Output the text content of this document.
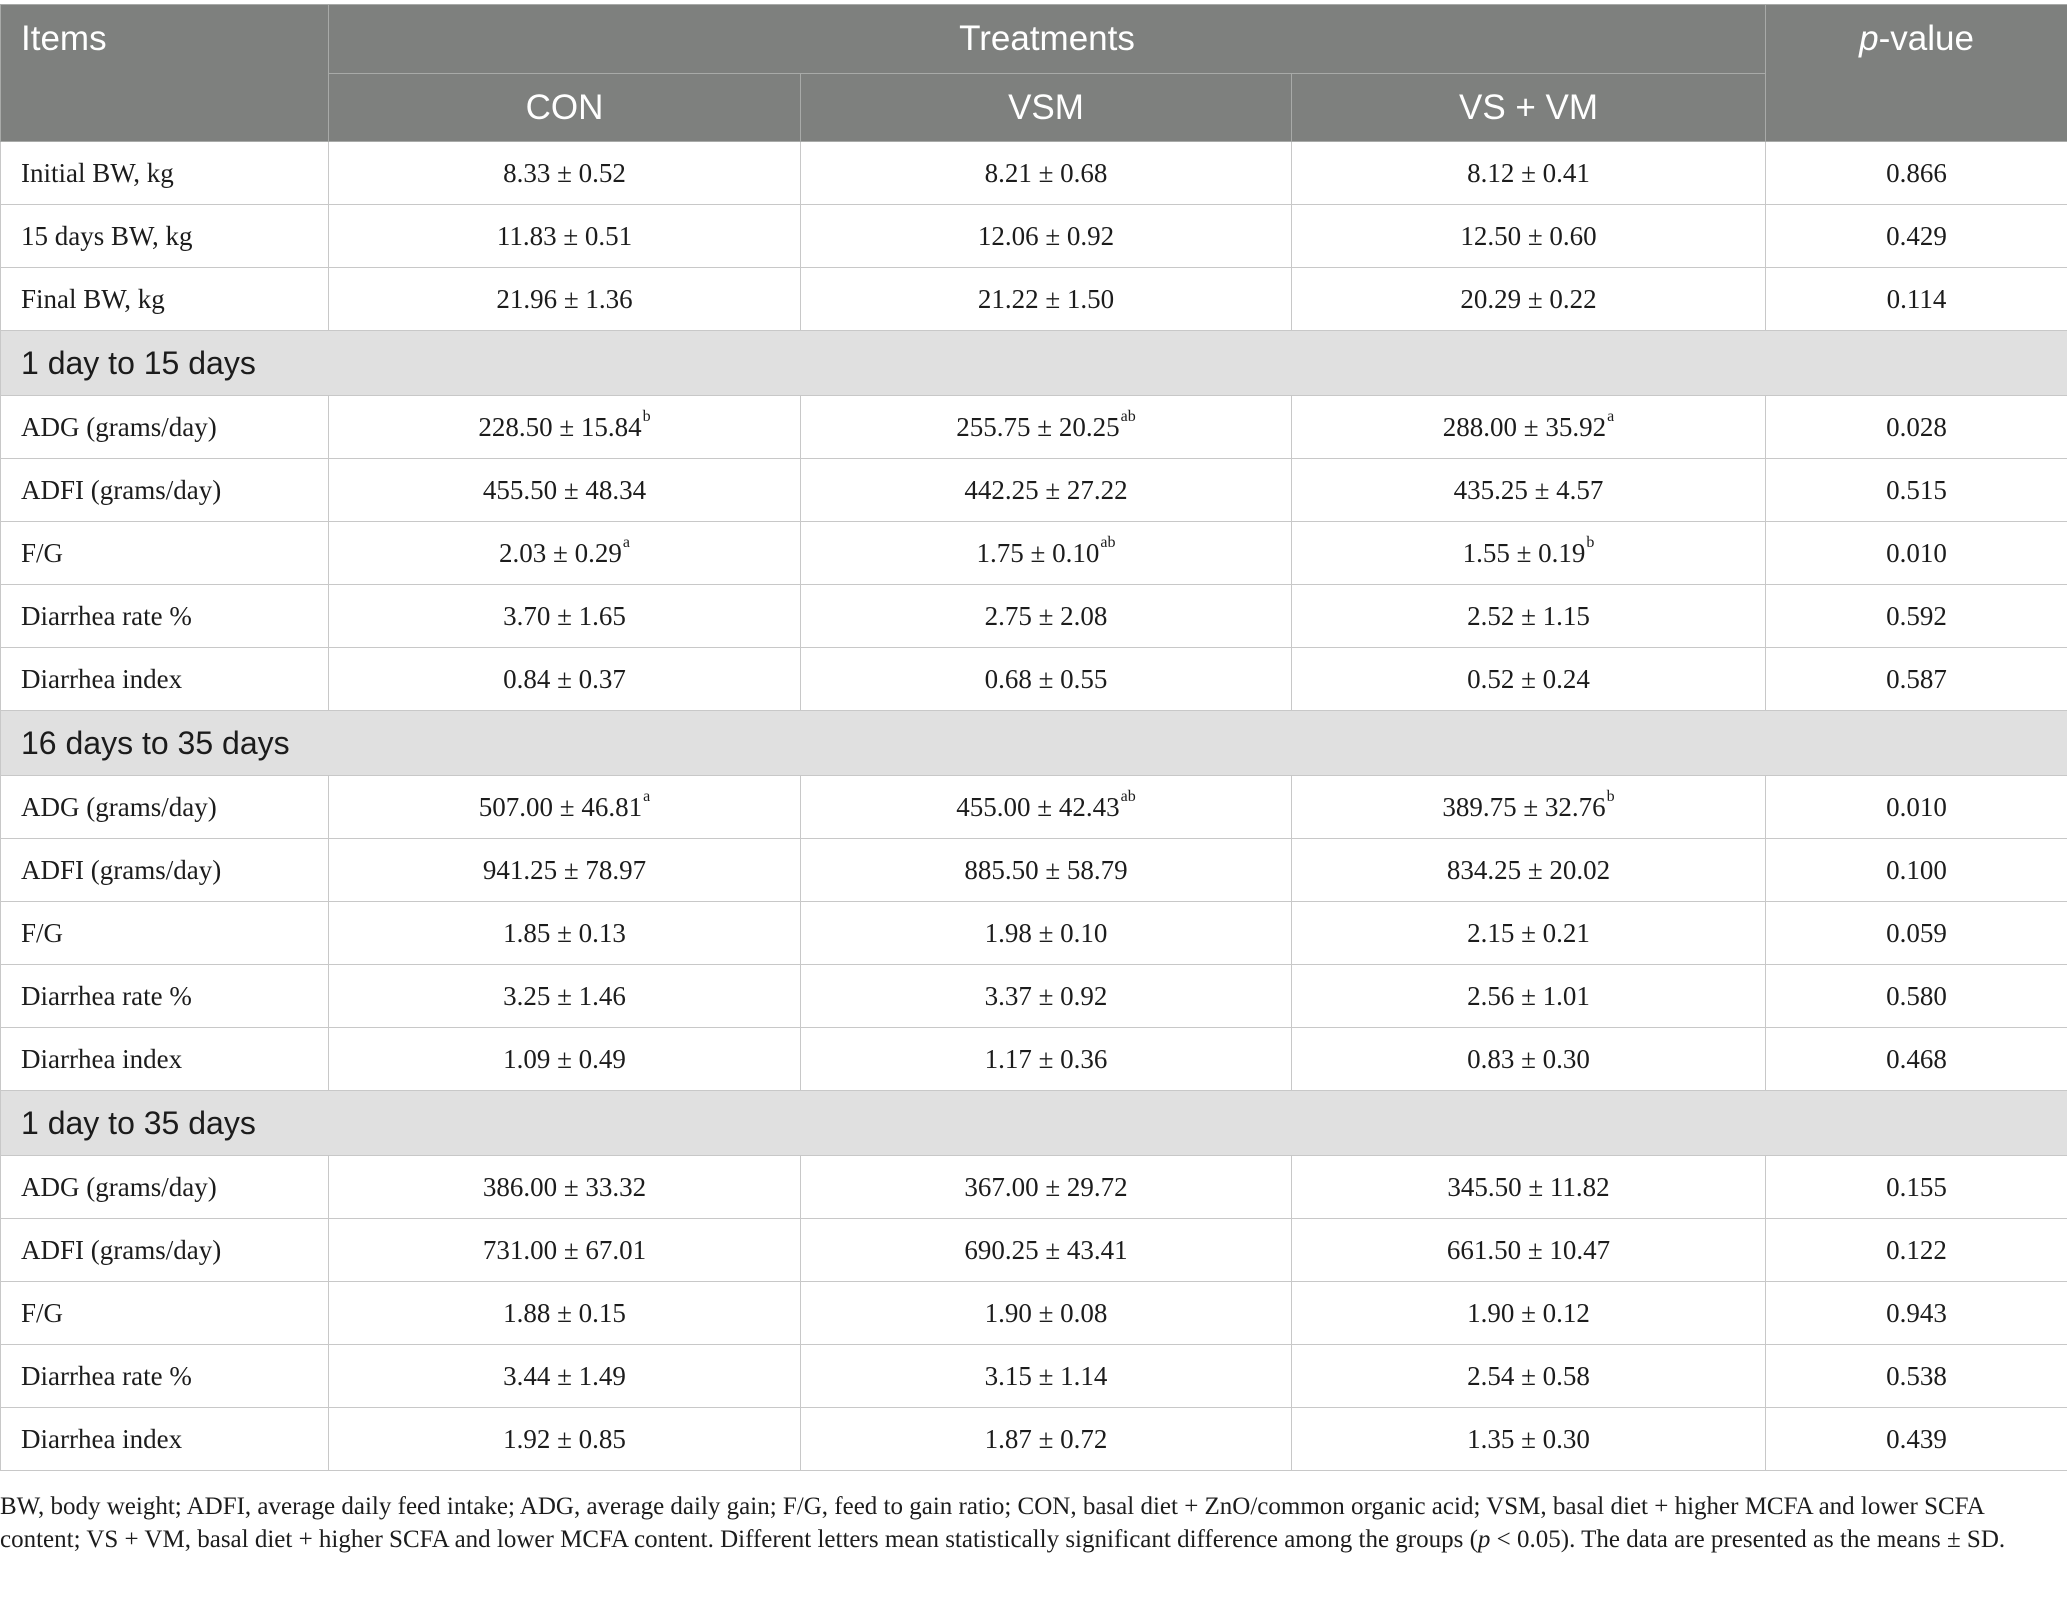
Items	Treatments			p-value
	CON	VSM	VS + VM	
Initial BW, kg	8.33 ± 0.52	8.21 ± 0.68	8.12 ± 0.41	0.866
15 days BW, kg	11.83 ± 0.51	12.06 ± 0.92	12.50 ± 0.60	0.429
Final BW, kg	21.96 ± 1.36	21.22 ± 1.50	20.29 ± 0.22	0.114
1 day to 15 days				
ADG (grams/day)	228.50 ± 15.84$^b$	255.75 ± 20.25$^{ab}$	288.00 ± 35.92$^a$	0.028
ADFI (grams/day)	455.50 ± 48.34	442.25 ± 27.22	435.25 ± 4.57	0.515
F/G	2.03 ± 0.29$^a$	1.75 ± 0.10$^{ab}$	1.55 ± 0.19$^b$	0.010
Diarrhea rate %	3.70 ± 1.65	2.75 ± 2.08	2.52 ± 1.15	0.592
Diarrhea index	0.84 ± 0.37	0.68 ± 0.55	0.52 ± 0.24	0.587
16 days to 35 days				
ADG (grams/day)	507.00 ± 46.81$^a$	455.00 ± 42.43$^{ab}$	389.75 ± 32.76$^b$	0.010
ADFI (grams/day)	941.25 ± 78.97	885.50 ± 58.79	834.25 ± 20.02	0.100
F/G	1.85 ± 0.13	1.98 ± 0.10	2.15 ± 0.21	0.059
Diarrhea rate %	3.25 ± 1.46	3.37 ± 0.92	2.56 ± 1.01	0.580
Diarrhea index	1.09 ± 0.49	1.17 ± 0.36	0.83 ± 0.30	0.468
1 day to 35 days				
ADG (grams/day)	386.00 ± 33.32	367.00 ± 29.72	345.50 ± 11.82	0.155
ADFI (grams/day)	731.00 ± 67.01	690.25 ± 43.41	661.50 ± 10.47	0.122
F/G	1.88 ± 0.15	1.90 ± 0.08	1.90 ± 0.12	0.943
Diarrhea rate %	3.44 ± 1.49	3.15 ± 1.14	2.54 ± 0.58	0.538
Diarrhea index	1.92 ± 0.85	1.87 ± 0.72	1.35 ± 0.30	0.439
BW, body weight; ADFI, average daily feed intake; ADG, average daily gain; F/G, feed to gain ratio; CON, basal diet + ZnO/common organic acid; VSM, basal diet + higher MCFA and lower SCFA content; VS + VM, basal diet + higher SCFA and lower MCFA content. Different letters mean statistically significant difference among the groups (p < 0.05). The data are presented as the means ± SD.
